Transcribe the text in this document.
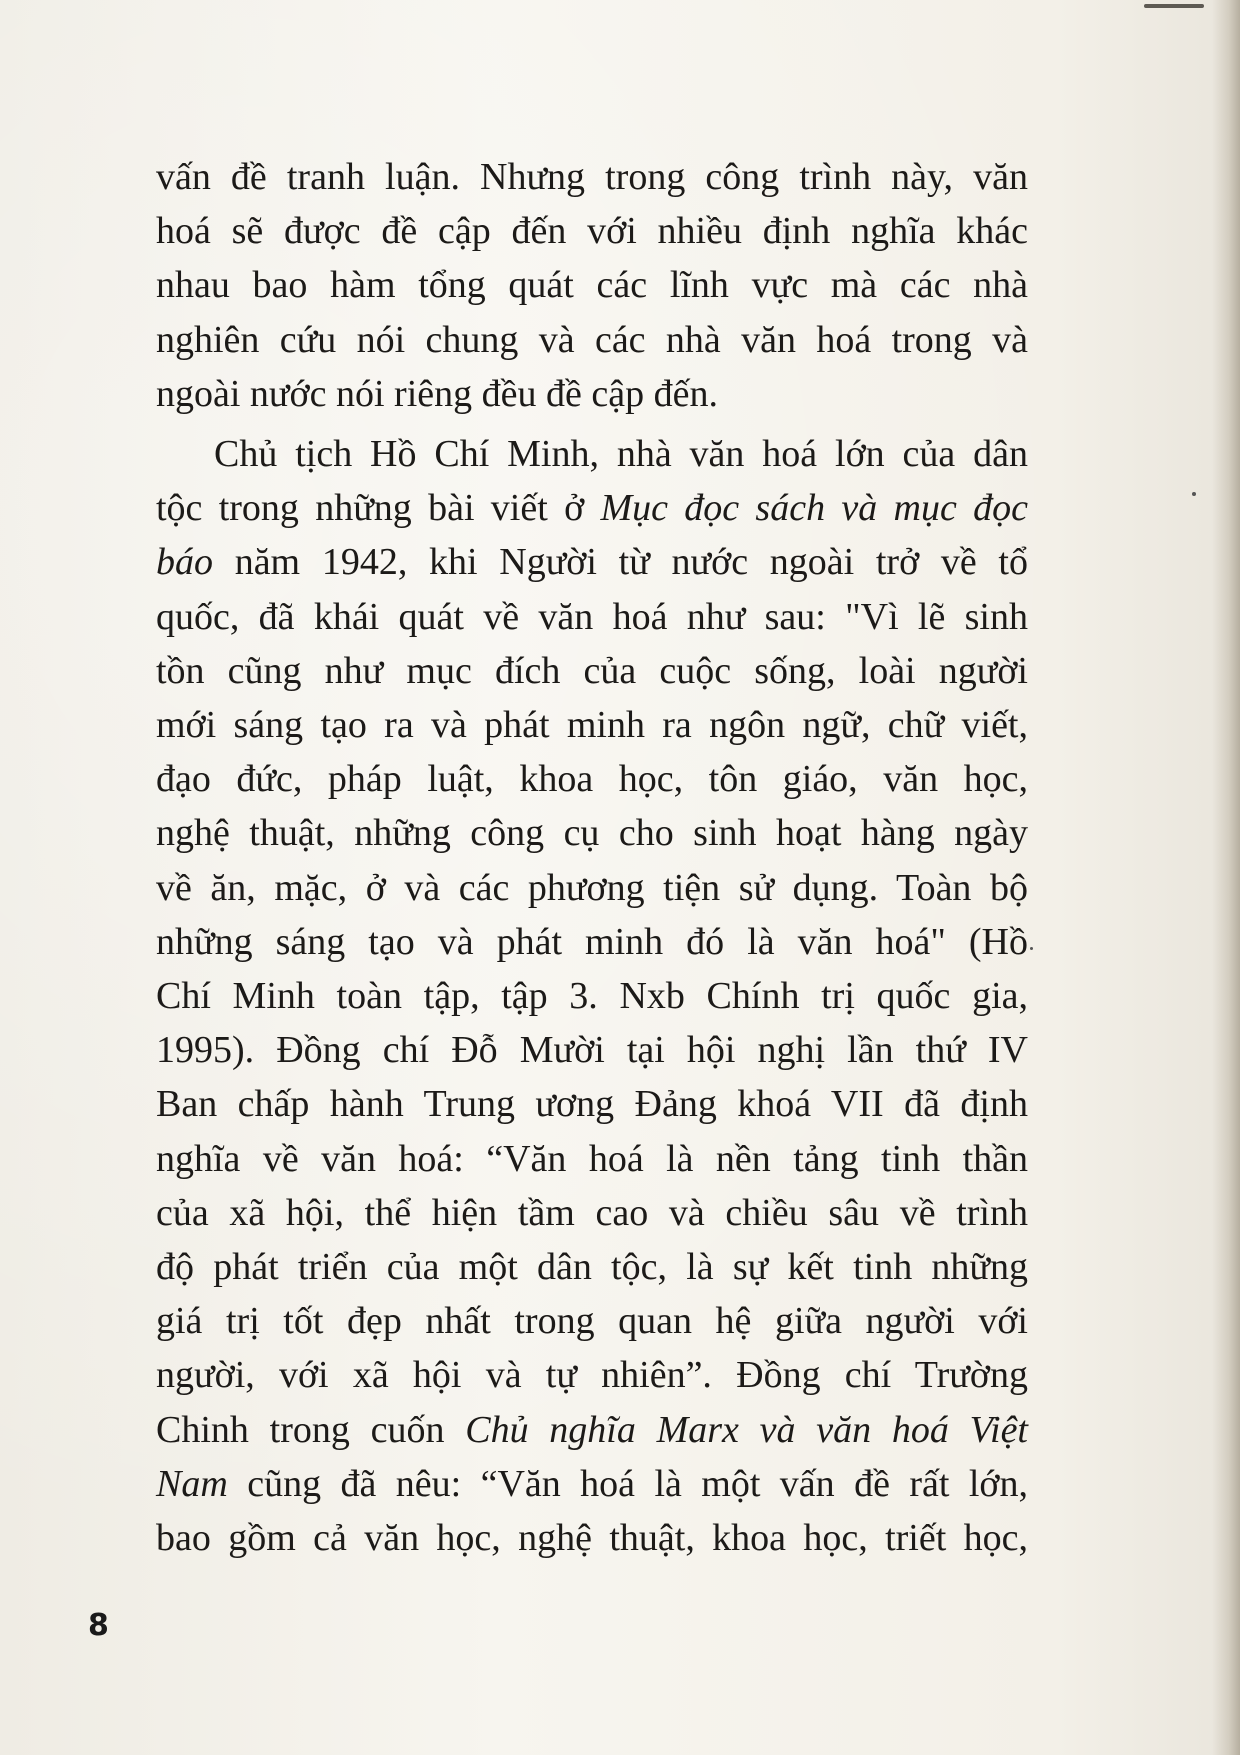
vấn đề tranh luận. Nhưng trong công trình này, văn
hoá sẽ được đề cập đến với nhiều định nghĩa khác
nhau bao hàm tổng quát các lĩnh vực mà các nhà
nghiên cứu nói chung và các nhà văn hoá trong và
ngoài nước nói riêng đều đề cập đến.
Chủ tịch Hồ Chí Minh, nhà văn hoá lớn của dân
tộc trong những bài viết ở Mục đọc sách và mục đọc
báo năm 1942, khi Người từ nước ngoài trở về tổ
quốc, đã khái quát về văn hoá như sau: "Vì lẽ sinh
tồn cũng như mục đích của cuộc sống, loài người
mới sáng tạo ra và phát minh ra ngôn ngữ, chữ viết,
đạo đức, pháp luật, khoa học, tôn giáo, văn học,
nghệ thuật, những công cụ cho sinh hoạt hàng ngày
về ăn, mặc, ở và các phương tiện sử dụng. Toàn bộ
những sáng tạo và phát minh đó là văn hoá" (Hồ
Chí Minh toàn tập, tập 3. Nxb Chính trị quốc gia,
1995). Đồng chí Đỗ Mười tại hội nghị lần thứ IV
Ban chấp hành Trung ương Đảng khoá VII đã định
nghĩa về văn hoá: “Văn hoá là nền tảng tinh thần
của xã hội, thể hiện tầm cao và chiều sâu về trình
độ phát triển của một dân tộc, là sự kết tinh những
giá trị tốt đẹp nhất trong quan hệ giữa người với
người, với xã hội và tự nhiên”. Đồng chí Trường
Chinh trong cuốn Chủ nghĩa Marx và văn hoá Việt
Nam cũng đã nêu: “Văn hoá là một vấn đề rất lớn,
bao gồm cả văn học, nghệ thuật, khoa học, triết học,
8
